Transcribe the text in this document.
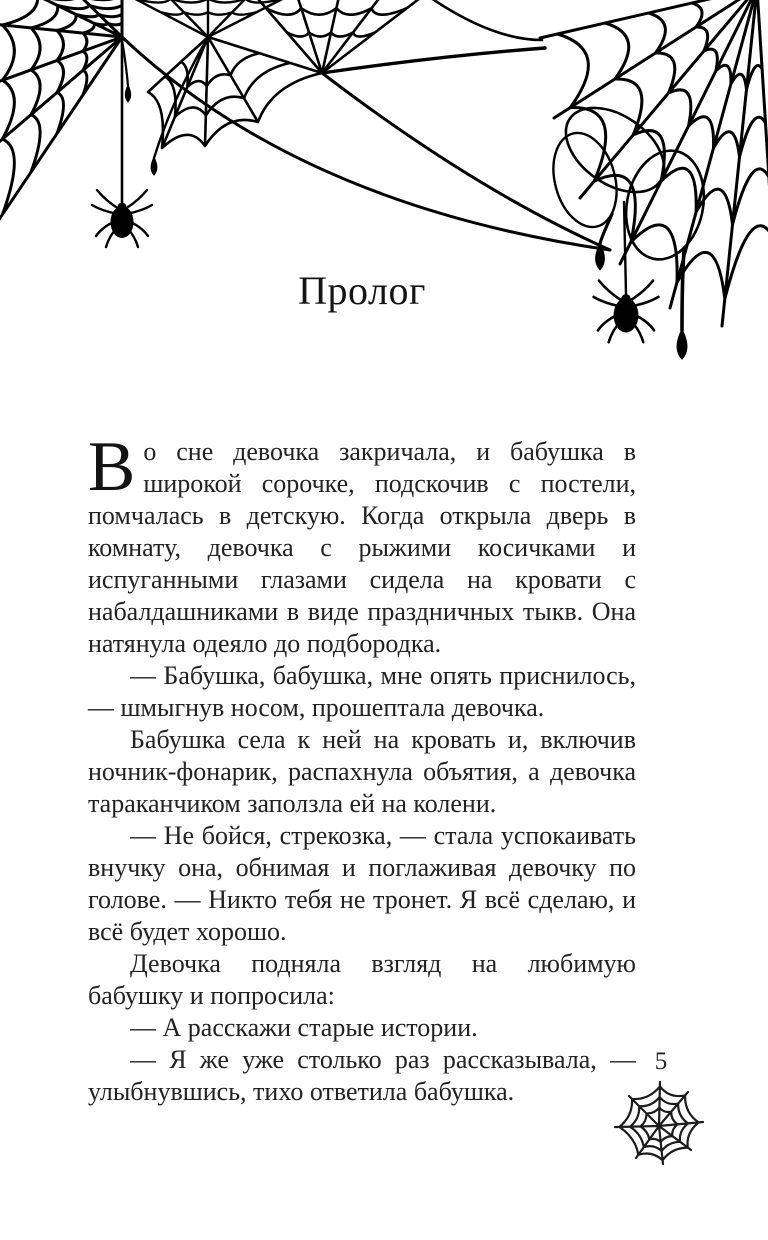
Пролог

Во сне девочка закричала, и бабушка в широкой сорочке, подскочив с постели, помчалась в детскую. Когда открыла дверь в комнату, девочка с рыжими косичками и испуганными глазами сидела на кровати с набалдашниками в виде праздничных тыкв. Она натянула одеяло до подбородка.

— Бабушка, бабушка, мне опять приснилось, — шмыгнув носом, прошептала девочка.

Бабушка села к ней на кровать и, включив ночник-фонарик, распахнула объятия, а девочка тараканчиком заползла ей на колени.

— Не бойся, стрекозка, — стала успокаивать внучку она, обнимая и поглаживая девочку по голове. — Никто тебя не тронет. Я всё сделаю, и всё будет хорошо.

Девочка подняла взгляд на любимую бабушку и попросила:

— А расскажи старые истории.

— Я же уже столько раз рассказывала, — улыбнувшись, тихо ответила бабушка.

5
